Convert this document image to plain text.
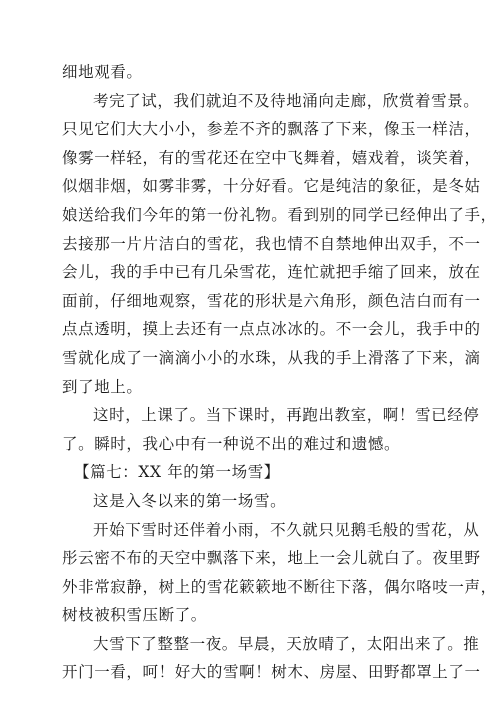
细地观看。
考完了试，我们就迫不及待地涌向走廊，欣赏着雪景。
只见它们大大小小，参差不齐的飘落了下来，像玉一样洁，
像雾一样轻，有的雪花还在空中飞舞着，嬉戏着，谈笑着，
似烟非烟，如雾非雾，十分好看。它是纯洁的象征，是冬姑
娘送给我们今年的第一份礼物。看到别的同学已经伸出了手，
去接那一片片洁白的雪花，我也情不自禁地伸出双手，不一
会儿，我的手中已有几朵雪花，连忙就把手缩了回来，放在
面前，仔细地观察，雪花的形状是六角形，颜色洁白而有一
点点透明，摸上去还有一点点冰冰的。不一会儿，我手中的
雪就化成了一滴滴小小的水珠，从我的手上滑落了下来，滴
到了地上。
这时，上课了。当下课时，再跑出教室，啊！雪已经停
了。瞬时，我心中有一种说不出的难过和遗憾。
【篇七：XX 年的第一场雪】
这是入冬以来的第一场雪。
开始下雪时还伴着小雨，不久就只见鹅毛般的雪花，从
彤云密不布的天空中飘落下来，地上一会儿就白了。夜里野
外非常寂静，树上的雪花簌簌地不断往下落，偶尔咯吱一声，
树枝被积雪压断了。
大雪下了整整一夜。早晨，天放晴了，太阳出来了。推
开门一看，呵！好大的雪啊！树木、房屋、田野都罩上了一
